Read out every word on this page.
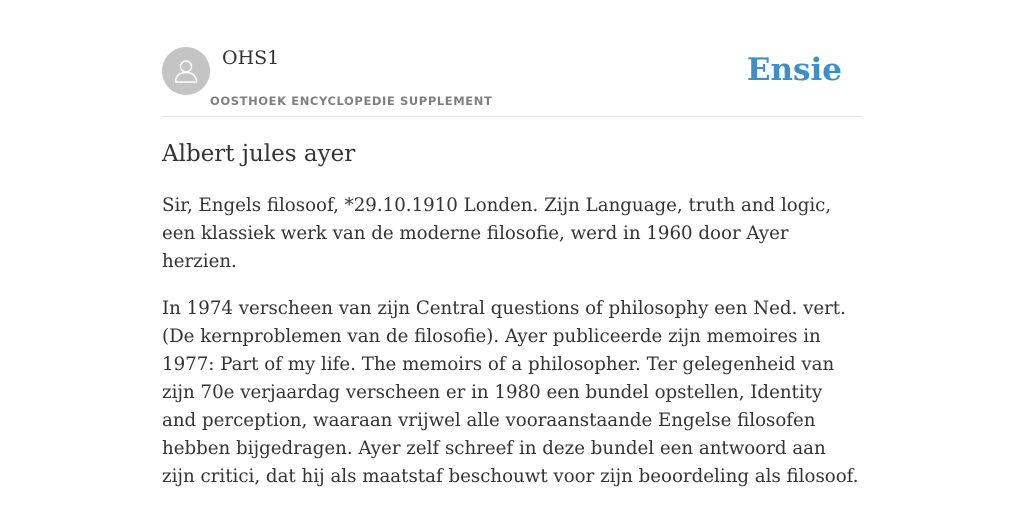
OHS1
OOSTHOEK ENCYCLOPEDIE SUPPLEMENT
Ensie
Albert jules ayer

Sir, Engels filosoof, *29.10.1910 Londen. Zijn Language, truth and logic, een klassiek werk van de moderne filosofie, werd in 1960 door Ayer herzien.

In 1974 verscheen van zijn Central questions of philosophy een Ned. vert. (De kernproblemen van de filosofie). Ayer publiceerde zijn memoires in 1977: Part of my life. The memoirs of a philosopher. Ter gelegenheid van zijn 70e verjaardag verscheen er in 1980 een bundel opstellen, Identity and perception, waaraan vrijwel alle vooraanstaande Engelse filosofen hebben bijgedragen. Ayer zelf schreef in deze bundel een antwoord aan zijn critici, dat hij als maatstaf beschouwt voor zijn beoordeling als filosoof.
